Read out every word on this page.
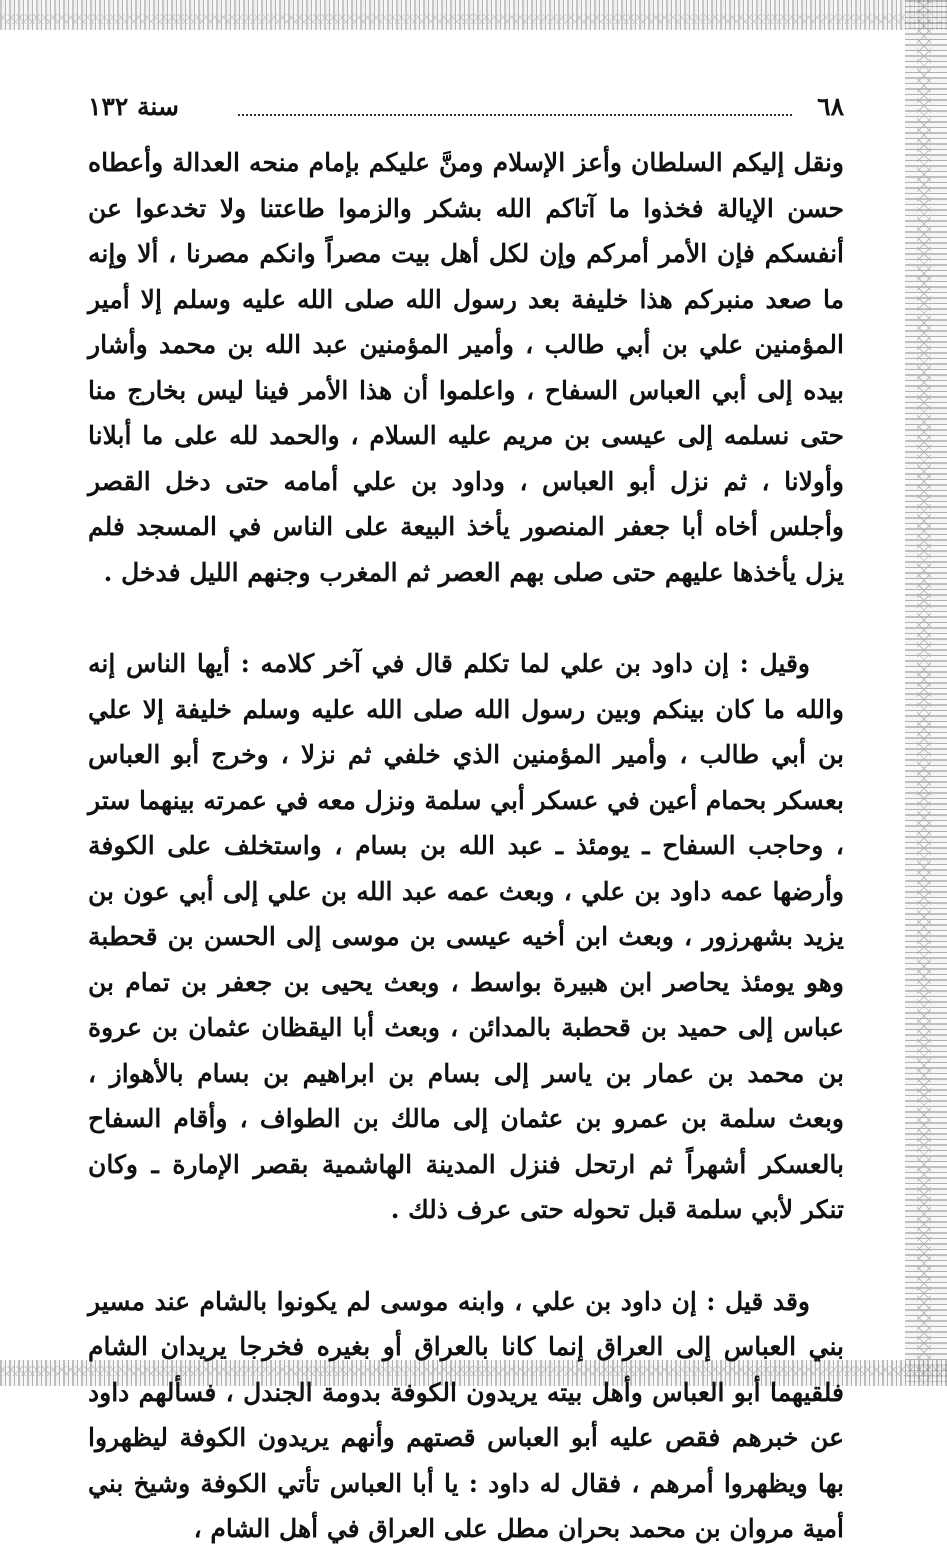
٦٨
سنة ١٣٢

ونقل إليكم السلطان وأعز الإسلام ومنَّ عليكم بإمام منحه العدالة وأعطاه حسن الإيالة فخذوا ما آتاكم الله بشكر والزموا طاعتنا ولا تخدعوا عن أنفسكم فإن الأمر أمركم وإن لكل أهل بيت مصراً وانكم مصرنا ، ألا وإنه ما صعد منبركم هذا خليفة بعد رسول الله صلى الله عليه وسلم إلا أمير المؤمنين علي بن أبي طالب ، وأمير المؤمنين عبد الله بن محمد وأشار بيده إلى أبي العباس السفاح ، واعلموا أن هذا الأمر فينا ليس بخارج منا حتى نسلمه إلى عيسى بن مريم عليه السلام ، والحمد لله على ما أبلانا وأولانا ، ثم نزل أبو العباس ، وداود بن علي أمامه حتى دخل القصر وأجلس أخاه أبا جعفر المنصور يأخذ البيعة على الناس في المسجد فلم يزل يأخذها عليهم حتى صلى بهم العصر ثم المغرب وجنهم الليل فدخل .

وقيل : إن داود بن علي لما تكلم قال في آخر كلامه : أيها الناس إنه والله ما كان بينكم وبين رسول الله صلى الله عليه وسلم خليفة إلا علي بن أبي طالب ، وأمير المؤمنين الذي خلفي ثم نزلا ، وخرج أبو العباس بعسكر بحمام أعين في عسكر أبي سلمة ونزل معه في عمرته بينهما ستر ، وحاجب السفاح ـ يومئذ ـ عبد الله بن بسام ، واستخلف على الكوفة وأرضها عمه داود بن علي ، وبعث عمه عبد الله بن علي إلى أبي عون بن يزيد بشهرزور ، وبعث ابن أخيه عيسى بن موسى إلى الحسن بن قحطبة وهو يومئذ يحاصر ابن هبيرة بواسط ، وبعث يحيى بن جعفر بن تمام بن عباس إلى حميد بن قحطبة بالمدائن ، وبعث أبا اليقظان عثمان بن عروة بن محمد بن عمار بن ياسر إلى بسام بن ابراهيم بن بسام بالأهواز ، وبعث سلمة بن عمرو بن عثمان إلى مالك بن الطواف ، وأقام السفاح بالعسكر أشهراً ثم ارتحل فنزل المدينة الهاشمية بقصر الإمارة ـ وكان تنكر لأبي سلمة قبل تحوله حتى عرف ذلك .

وقد قيل : إن داود بن علي ، وابنه موسى لم يكونوا بالشام عند مسير بني العباس إلى العراق إنما كانا بالعراق أو بغيره فخرجا يريدان الشام فلقيهما أبو العباس وأهل بيته يريدون الكوفة بدومة الجندل ، فسألهم داود عن خبرهم فقص عليه أبو العباس قصتهم وأنهم يريدون الكوفة ليظهروا بها ويظهروا أمرهم ، فقال له داود : يا أبا العباس تأتي الكوفة وشيخ بني أمية مروان بن محمد بحران مطل على العراق في أهل الشام ،
